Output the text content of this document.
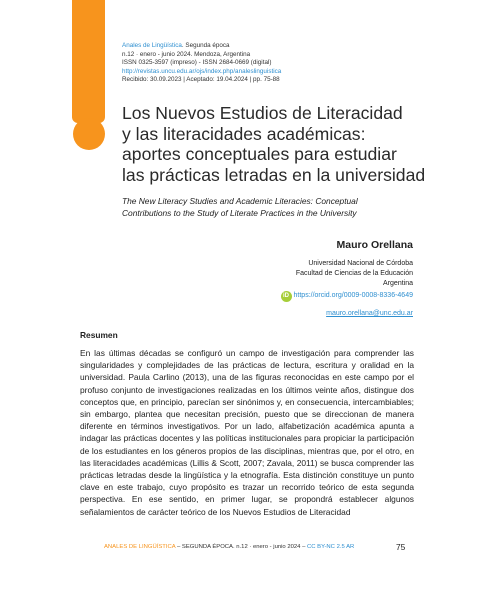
Anales de Lingüística. Segunda época
n.12 · enero - junio 2024. Mendoza, Argentina
ISSN 0325-3597 (impreso) - ISSN 2684-0669 (digital)
http://revistas.uncu.edu.ar/ojs/index.php/analeslinguistica
Recibido: 30.09.2023 | Aceptado: 19.04.2024 | pp. 75-88
Los Nuevos Estudios de Literacidad
y las literacidades académicas:
aportes conceptuales para estudiar
las prácticas letradas en la universidad
The New Literacy Studies and Academic Literacies: Conceptual
Contributions to the Study of Literate Practices in the University
Mauro Orellana
Universidad Nacional de Córdoba
Facultad de Ciencias de la Educación
Argentina
iD https://orcid.org/0009-0008-8336-4649
mauro.orellana@unc.edu.ar
Resumen

En las últimas décadas se configuró un campo de investigación para comprender las singularidades y complejidades de las prácticas de lectura, escritura y oralidad en la universidad. Paula Carlino (2013), una de las figuras reconocidas en este campo por el profuso conjunto de investigaciones realizadas en los últimos veinte años, distingue dos conceptos que, en principio, parecían ser sinónimos y, en consecuencia, intercambiables; sin embargo, plantea que necesitan precisión, puesto que se direccionan de manera diferente en términos investigativos. Por un lado, alfabetización académica apunta a indagar las prácticas docentes y las políticas institucionales para propiciar la participación de los estudiantes en los géneros propios de las disciplinas, mientras que, por el otro, en las literacidades académicas (Lillis & Scott, 2007; Zavala, 2011) se busca comprender las prácticas letradas desde la lingüística y la etnografía. Esta distinción constituye un punto clave en este trabajo, cuyo propósito es trazar un recorrido teórico de esta segunda perspectiva. En ese sentido, en primer lugar, se propondrá establecer algunos señalamientos de carácter teórico de los Nuevos Estudios de Literacidad

ANALES DE LINGÜÍSTICA – SEGUNDA ÉPOCA. n.12 · enero - junio 2024 – CC BY-NC 2.5 AR	75
